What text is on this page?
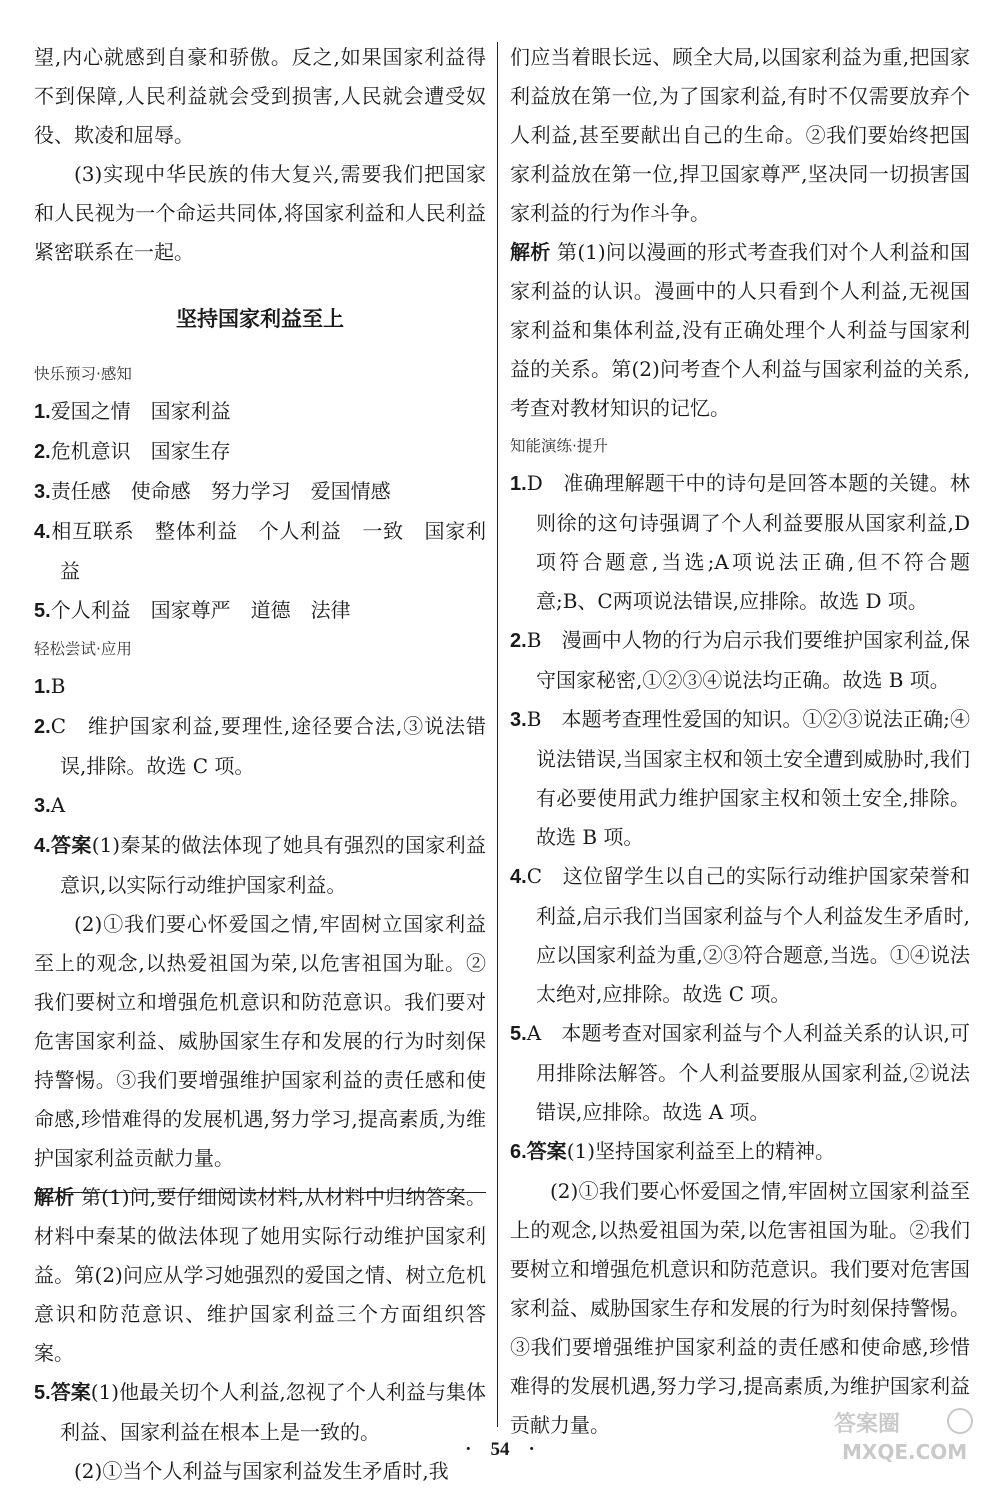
望,内心就感到自豪和骄傲。反之,如果国家利益得不到保障,人民利益就会受到损害,人民就会遭受奴役、欺凌和屈辱。

(3)实现中华民族的伟大复兴,需要我们把国家和人民视为一个命运共同体,将国家利益和人民利益紧密联系在一起。

坚持国家利益至上
快乐预习·感知

1.爱国之情　国家利益

2.危机意识　国家生存

3.责任感　使命感　努力学习　爱国情感

4.相互联系　整体利益　个人利益　一致　国家利益

5.个人利益　国家尊严　道德　法律

轻松尝试·应用

1.B

2.C　维护国家利益,要理性,途径要合法,③说法错误,排除。故选 C 项。

3.A

4.答案(1)秦某的做法体现了她具有强烈的国家利益意识,以实际行动维护国家利益。

(2)①我们要心怀爱国之情,牢固树立国家利益至上的观念,以热爱祖国为荣,以危害祖国为耻。②我们要树立和增强危机意识和防范意识。我们要对危害国家利益、威胁国家生存和发展的行为时刻保持警惕。③我们要增强维护国家利益的责任感和使命感,珍惜难得的发展机遇,努力学习,提高素质,为维护国家利益贡献力量。

解析 第(1)问,要仔细阅读材料,从材料中归纳答案。材料中秦某的做法体现了她用实际行动维护国家利益。第(2)问应从学习她强烈的爱国之情、树立危机意识和防范意识、维护国家利益三个方面组织答案。

5.答案(1)他最关切个人利益,忽视了个人利益与集体利益、国家利益在根本上是一致的。

(2)①当个人利益与国家利益发生矛盾时,我

们应当着眼长远、顾全大局,以国家利益为重,把国家利益放在第一位,为了国家利益,有时不仅需要放弃个人利益,甚至要献出自己的生命。②我们要始终把国家利益放在第一位,捍卫国家尊严,坚决同一切损害国家利益的行为作斗争。

解析 第(1)问以漫画的形式考查我们对个人利益和国家利益的认识。漫画中的人只看到个人利益,无视国家利益和集体利益,没有正确处理个人利益与国家利益的关系。第(2)问考查个人利益与国家利益的关系,考查对教材知识的记忆。

知能演练·提升

1.D　准确理解题干中的诗句是回答本题的关键。林则徐的这句诗强调了个人利益要服从国家利益,D项符合题意,当选;A项说法正确,但不符合题意;B、C两项说法错误,应排除。故选 D 项。

2.B　漫画中人物的行为启示我们要维护国家利益,保守国家秘密,①②③④说法均正确。故选 B 项。

3.B　本题考查理性爱国的知识。①②③说法正确;④说法错误,当国家主权和领土安全遭到威胁时,我们有必要使用武力维护国家主权和领土安全,排除。故选 B 项。

4.C　这位留学生以自己的实际行动维护国家荣誉和利益,启示我们当国家利益与个人利益发生矛盾时,应以国家利益为重,②③符合题意,当选。①④说法太绝对,应排除。故选 C 项。

5.A　本题考查对国家利益与个人利益关系的认识,可用排除法解答。个人利益要服从国家利益,②说法错误,应排除。故选 A 项。

6.答案(1)坚持国家利益至上的精神。

(2)①我们要心怀爱国之情,牢固树立国家利益至上的观念,以热爱祖国为荣,以危害祖国为耻。②我们要树立和增强危机意识和防范意识。我们要对危害国家利益、威胁国家生存和发展的行为时刻保持警惕。③我们要增强维护国家利益的责任感和使命感,珍惜难得的发展机遇,努力学习,提高素质,为维护国家利益贡献力量。

·　54　·
答案圈
MXQE.COM
